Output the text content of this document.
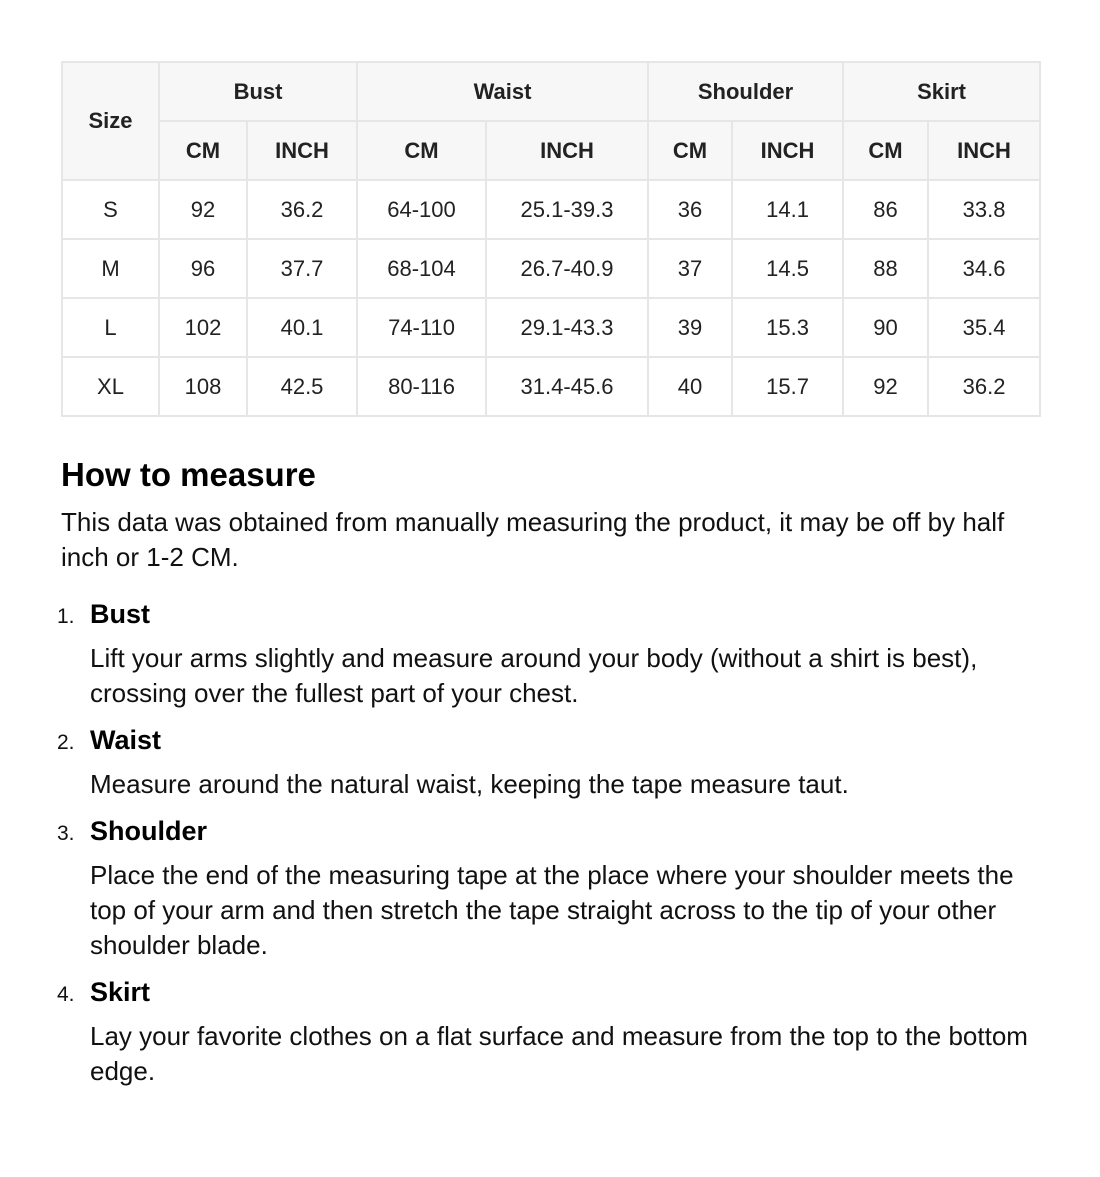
Size	Bust		Waist		Shoulder		Skirt	
	CM	INCH	CM	INCH	CM	INCH	CM	INCH
S	92	36.2	64-100	25.1-39.3	36	14.1	86	33.8
M	96	37.7	68-104	26.7-40.9	37	14.5	88	34.6
L	102	40.1	74-110	29.1-43.3	39	15.3	90	35.4
XL	108	42.5	80-116	31.4-45.6	40	15.7	92	36.2
How to measure

This data was obtained from manually measuring the product, it may be off by half inch or 1-2 CM.

1. Bust

Lift your arms slightly and measure around your body (without a shirt is best), crossing over the fullest part of your chest.

2. Waist

Measure around the natural waist, keeping the tape measure taut.

3. Shoulder

Place the end of the measuring tape at the place where your shoulder meets the top of your arm and then stretch the tape straight across to the tip of your other shoulder blade.

4. Skirt

Lay your favorite clothes on a flat surface and measure from the top to the bottom edge.
